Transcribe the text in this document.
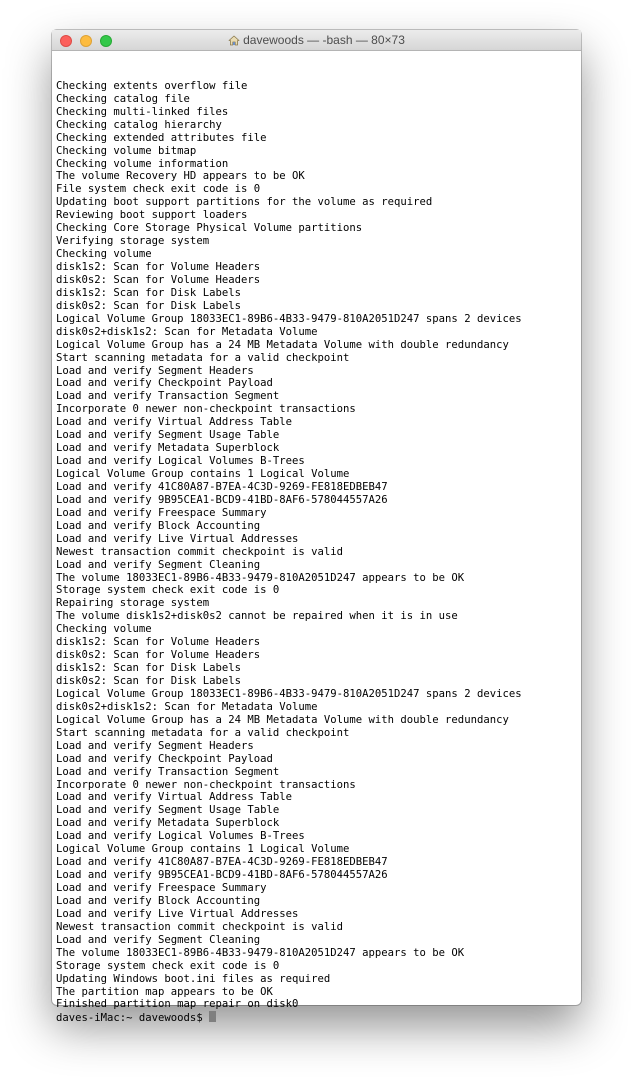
davewoods — -bash — 80×73

Checking extents overflow file
Checking catalog file
Checking multi-linked files
Checking catalog hierarchy
Checking extended attributes file
Checking volume bitmap
Checking volume information
The volume Recovery HD appears to be OK
File system check exit code is 0
Updating boot support partitions for the volume as required
Reviewing boot support loaders
Checking Core Storage Physical Volume partitions
Verifying storage system
Checking volume
disk1s2: Scan for Volume Headers
disk0s2: Scan for Volume Headers
disk1s2: Scan for Disk Labels
disk0s2: Scan for Disk Labels
Logical Volume Group 18033EC1-89B6-4B33-9479-810A2051D247 spans 2 devices
disk0s2+disk1s2: Scan for Metadata Volume
Logical Volume Group has a 24 MB Metadata Volume with double redundancy
Start scanning metadata for a valid checkpoint
Load and verify Segment Headers
Load and verify Checkpoint Payload
Load and verify Transaction Segment
Incorporate 0 newer non-checkpoint transactions
Load and verify Virtual Address Table
Load and verify Segment Usage Table
Load and verify Metadata Superblock
Load and verify Logical Volumes B-Trees
Logical Volume Group contains 1 Logical Volume
Load and verify 41C80A87-B7EA-4C3D-9269-FE818EDBEB47
Load and verify 9B95CEA1-BCD9-41BD-8AF6-578044557A26
Load and verify Freespace Summary
Load and verify Block Accounting
Load and verify Live Virtual Addresses
Newest transaction commit checkpoint is valid
Load and verify Segment Cleaning
The volume 18033EC1-89B6-4B33-9479-810A2051D247 appears to be OK
Storage system check exit code is 0
Repairing storage system
The volume disk1s2+disk0s2 cannot be repaired when it is in use
Checking volume
disk1s2: Scan for Volume Headers
disk0s2: Scan for Volume Headers
disk1s2: Scan for Disk Labels
disk0s2: Scan for Disk Labels
Logical Volume Group 18033EC1-89B6-4B33-9479-810A2051D247 spans 2 devices
disk0s2+disk1s2: Scan for Metadata Volume
Logical Volume Group has a 24 MB Metadata Volume with double redundancy
Start scanning metadata for a valid checkpoint
Load and verify Segment Headers
Load and verify Checkpoint Payload
Load and verify Transaction Segment
Incorporate 0 newer non-checkpoint transactions
Load and verify Virtual Address Table
Load and verify Segment Usage Table
Load and verify Metadata Superblock
Load and verify Logical Volumes B-Trees
Logical Volume Group contains 1 Logical Volume
Load and verify 41C80A87-B7EA-4C3D-9269-FE818EDBEB47
Load and verify 9B95CEA1-BCD9-41BD-8AF6-578044557A26
Load and verify Freespace Summary
Load and verify Block Accounting
Load and verify Live Virtual Addresses
Newest transaction commit checkpoint is valid
Load and verify Segment Cleaning
The volume 18033EC1-89B6-4B33-9479-810A2051D247 appears to be OK
Storage system check exit code is 0
Updating Windows boot.ini files as required
The partition map appears to be OK
Finished partition map repair on disk0
daves-iMac:~ davewoods$
